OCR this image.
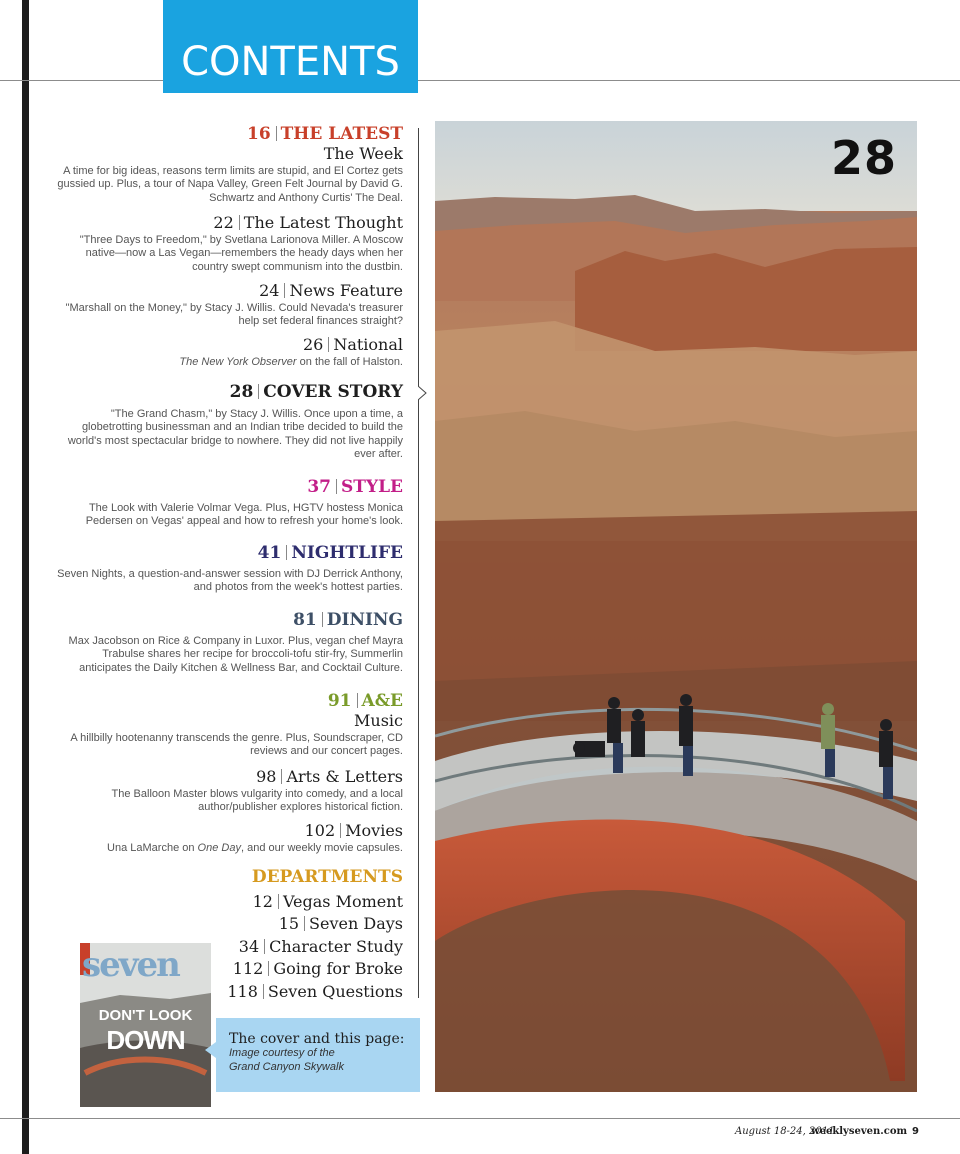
CONTENTS
16 THE LATEST
The Week
A time for big ideas, reasons term limits are stupid, and El Cortez gets gussied up. Plus, a tour of Napa Valley, Green Felt Journal by David G. Schwartz and Anthony Curtis' The Deal.
22 The Latest Thought
"Three Days to Freedom," by Svetlana Larionova Miller. A Moscow native—now a Las Vegan—remembers the heady days when her country swept communism into the dustbin.
24 News Feature
"Marshall on the Money," by Stacy J. Willis. Could Nevada's treasurer help set federal finances straight?
26 National
The New York Observer on the fall of Halston.
28 COVER STORY
"The Grand Chasm," by Stacy J. Willis. Once upon a time, a globetrotting businessman and an Indian tribe decided to build the world's most spectacular bridge to nowhere. They did not live happily ever after.
37 STYLE
The Look with Valerie Volmar Vega. Plus, HGTV hostess Monica Pedersen on Vegas' appeal and how to refresh your home's look.
41 NIGHTLIFE
Seven Nights, a question-and-answer session with DJ Derrick Anthony, and photos from the week's hottest parties.
81 DINING
Max Jacobson on Rice & Company in Luxor. Plus, vegan chef Mayra Trabulse shares her recipe for broccoli-tofu stir-fry, Summerlin anticipates the Daily Kitchen & Wellness Bar, and Cocktail Culture.
91 A&E
Music
A hillbilly hootenanny transcends the genre. Plus, Soundscraper, CD reviews and our concert pages.
98 Arts & Letters
The Balloon Master blows vulgarity into comedy, and a local author/publisher explores historical fiction.
102 Movies
Una LaMarche on One Day, and our weekly movie capsules.
DEPARTMENTS
12 Vegas Moment
15 Seven Days
34 Character Study
112 Going for Broke
118 Seven Questions
28
seven
DON'T LOOK
DOWN	The cover and this page:
Image courtesy of the
Grand Canyon Skywalk
August 18-24, 2011
weeklyseven.com 9
